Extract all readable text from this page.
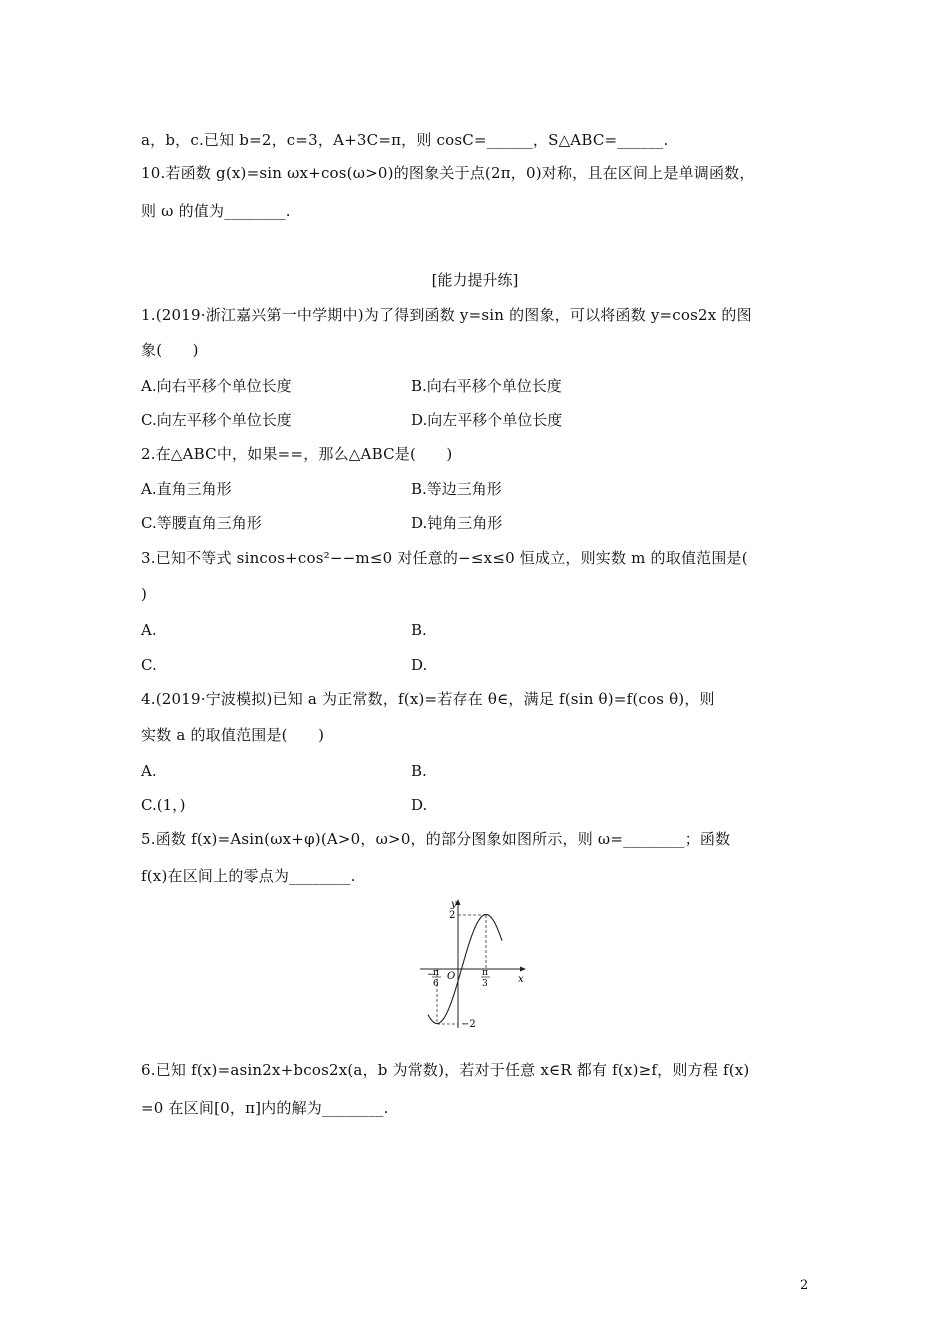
a，b，c.已知 b=2，c=3，A+3C=π，则 cosC=______，S△ABC=______.
10.若函数 g(x)=sin ωx+cos(ω>0)的图象关于点(2π，0)对称，且在区间上是单调函数，
则 ω 的值为________.
[能力提升练]
1.(2019·浙江嘉兴第一中学期中)为了得到函数 y=sin 的图象，可以将函数 y=cos2x 的图
象(　　)
A.向右平移个单位长度	B.向右平移个单位长度
C.向左平移个单位长度	D.向左平移个单位长度
2.在△ABC中，如果==，那么△ABC是(　　)
A.直角三角形	B.等边三角形
C.等腰直角三角形	D.钝角三角形
3.已知不等式 sincos+cos²−−m≤0 对任意的−≤x≤0 恒成立，则实数 m 的取值范围是(
)
A.	B.
C.	D.
4.(2019·宁波模拟)已知 a 为正常数，f(x)=若存在 θ∈，满足 f(sin θ)=f(cos θ)，则
实数 a 的取值范围是(　　)
A.	B.
C.(1，)	D.
5.函数 f(x)=Asin(ωx+φ)(A>0，ω>0，的部分图象如图所示，则 ω=________；函数
f(x)在区间上的零点为________.
y
x
O
2
−2
−
π
6
π
3
6.已知 f(x)=asin2x+bcos2x(a，b 为常数)，若对于任意 x∈R 都有 f(x)≥f，则方程 f(x)
=0 在区间[0，π]内的解为________.
2
